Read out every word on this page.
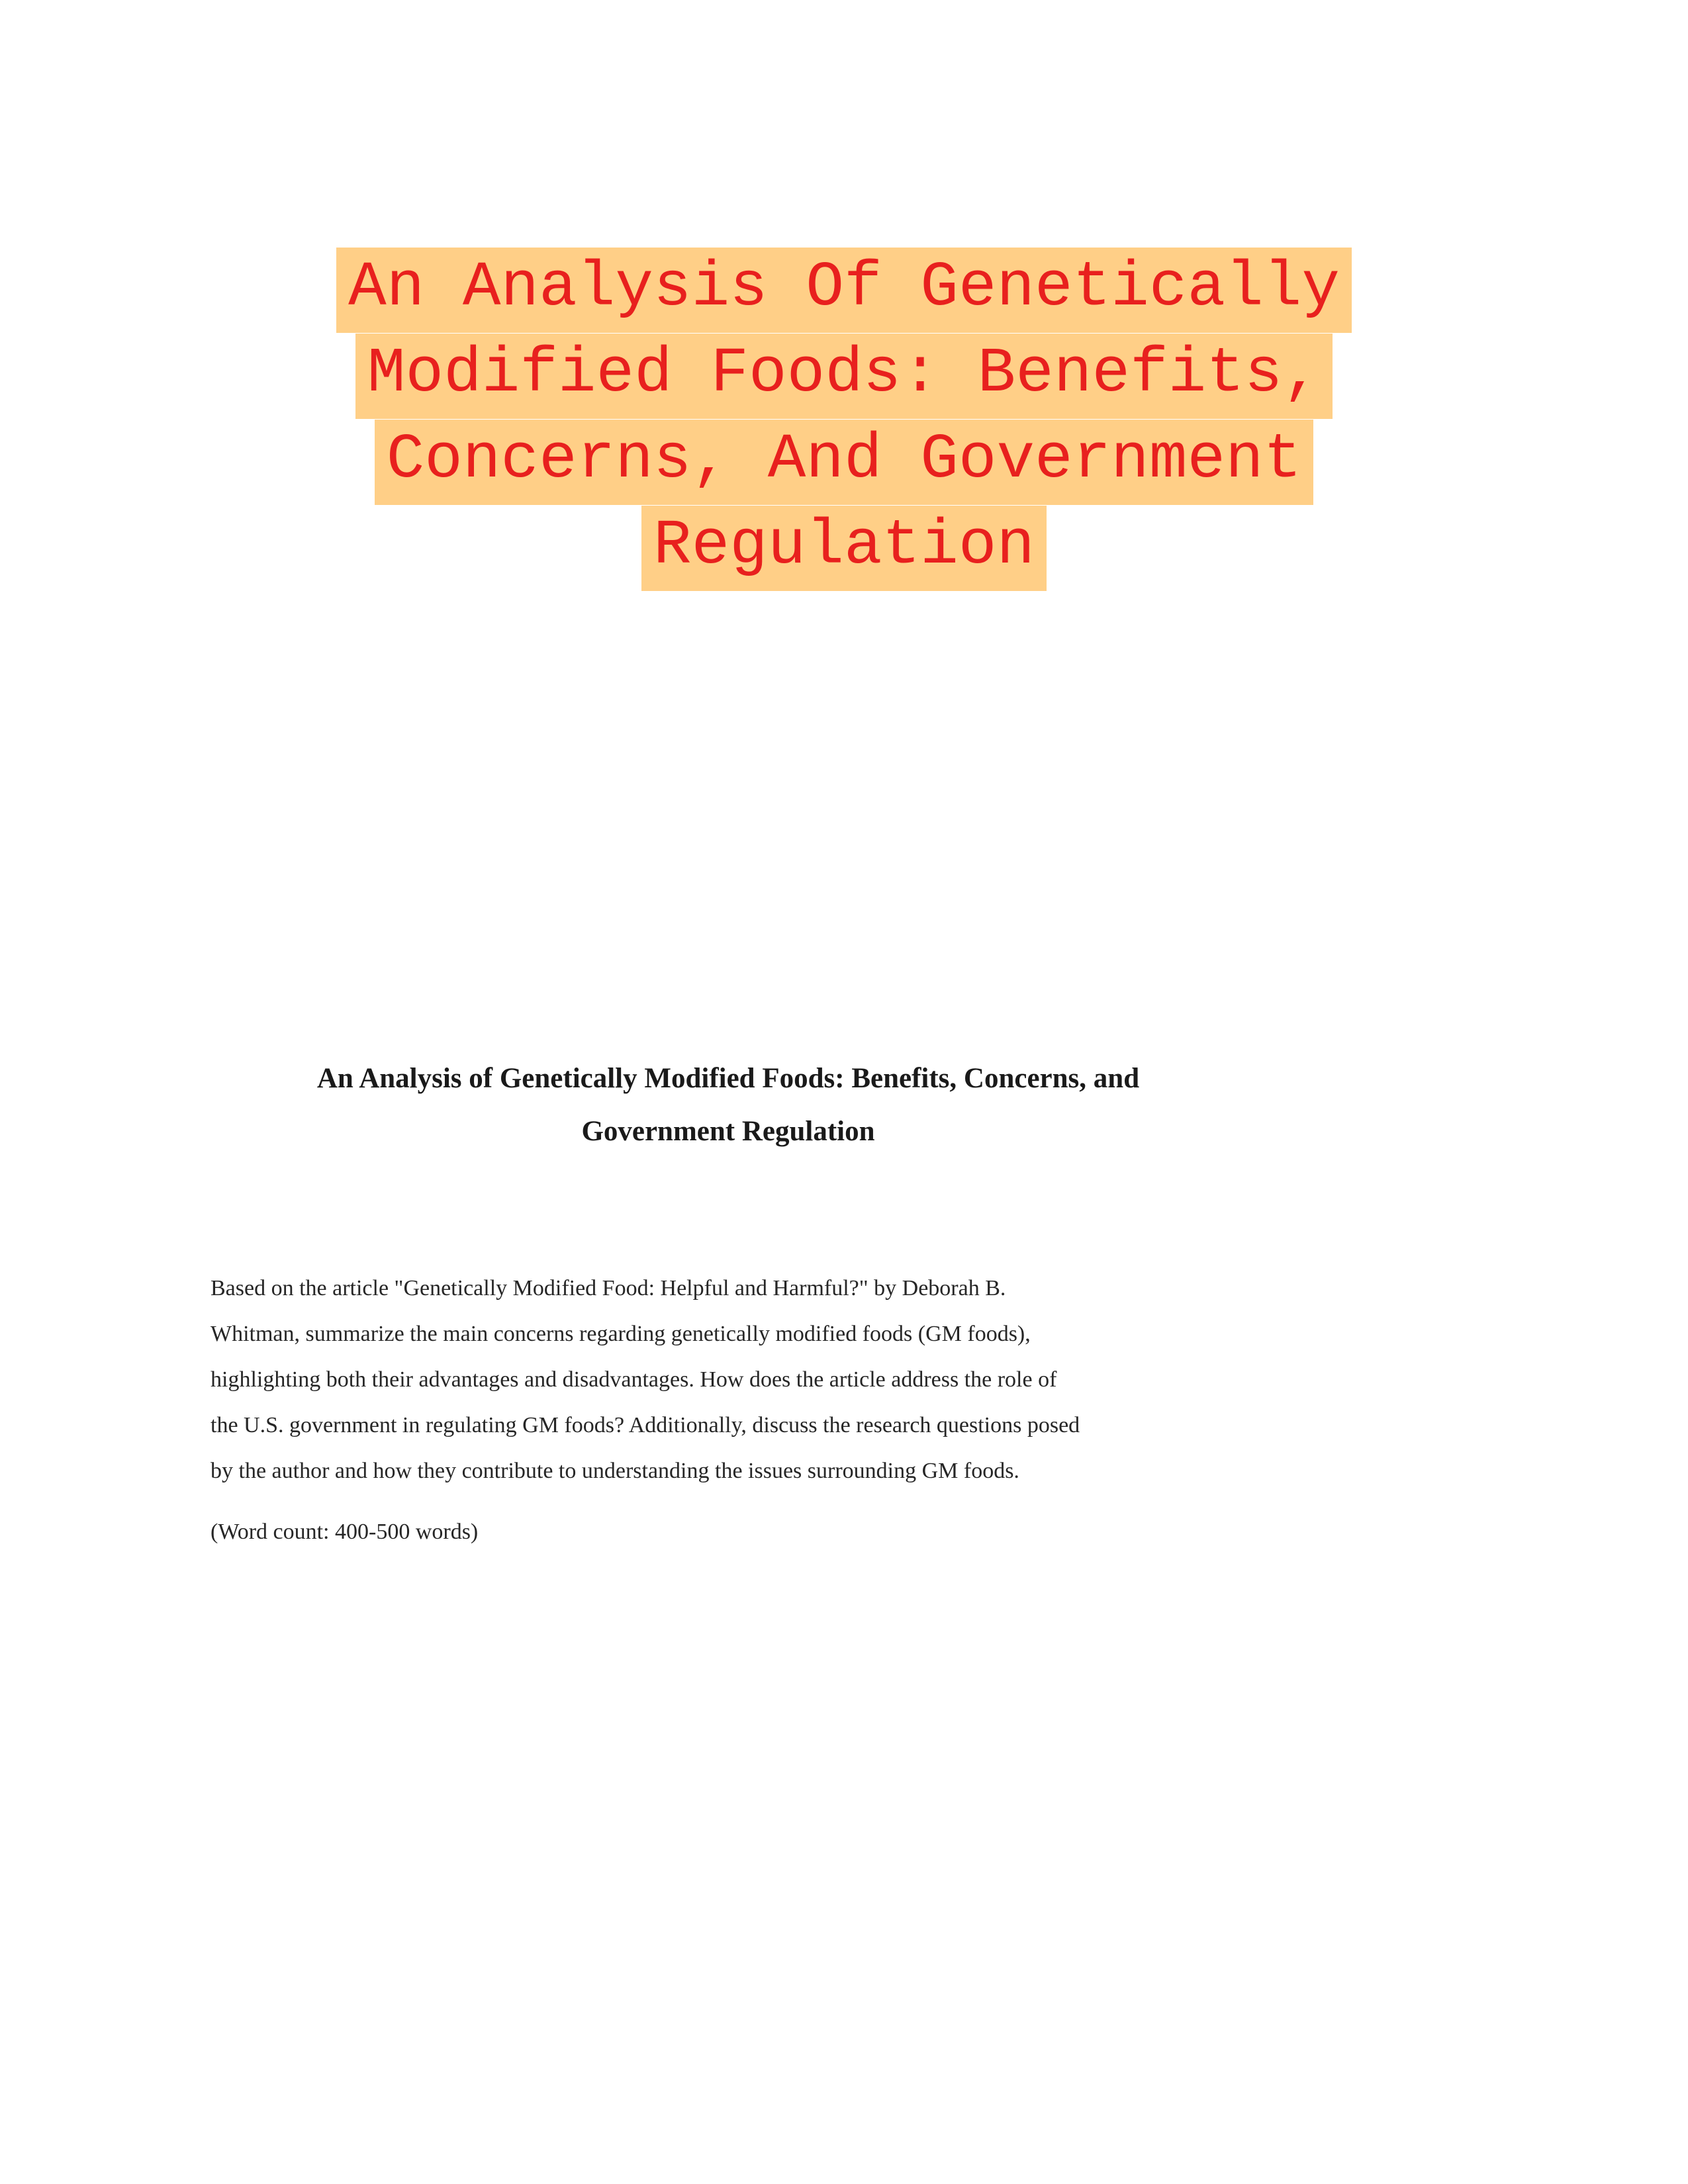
An Analysis Of Genetically
Modified Foods: Benefits,
Concerns, And Government
Regulation
An Analysis of Genetically Modified Foods: Benefits, Concerns, and
Government Regulation
Based on the article "Genetically Modified Food: Helpful and Harmful?" by Deborah B.
Whitman, summarize the main concerns regarding genetically modified foods (GM foods),
highlighting both their advantages and disadvantages. How does the article address the role of
the U.S. government in regulating GM foods? Additionally, discuss the research questions posed
by the author and how they contribute to understanding the issues surrounding GM foods.
(Word count: 400-500 words)
